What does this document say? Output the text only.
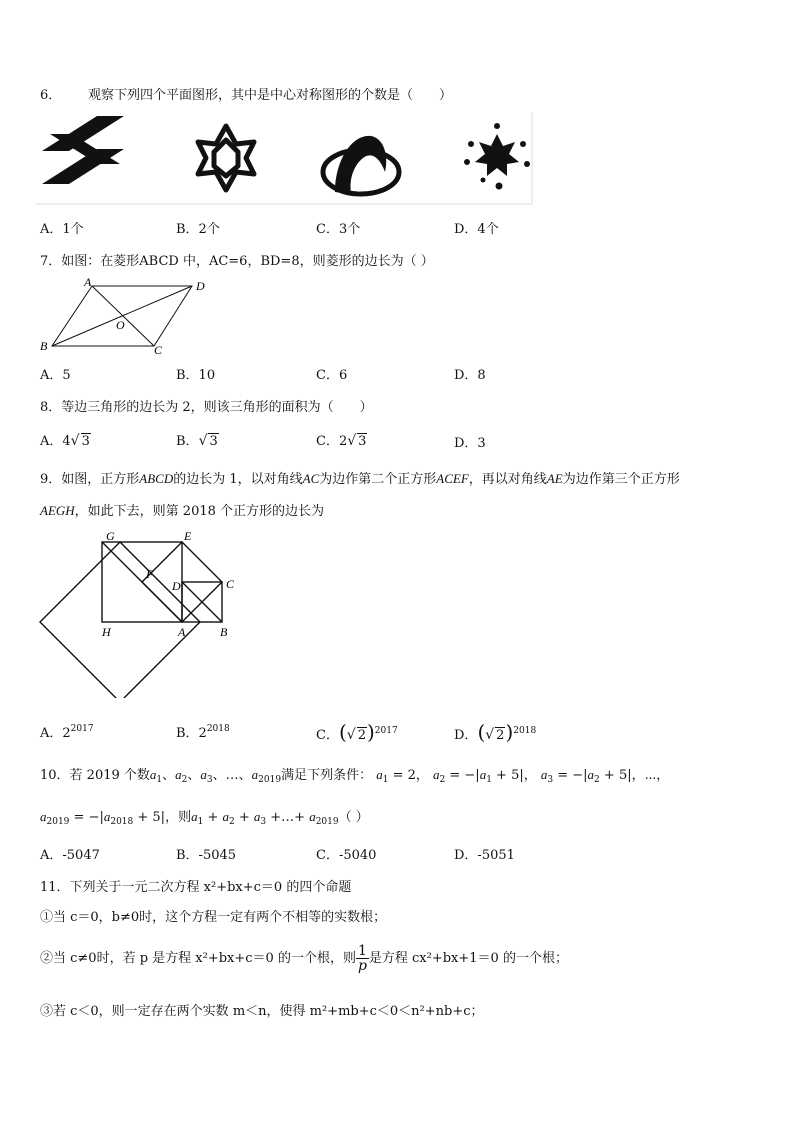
6． 观察下列四个平面图形，其中是中心对称图形的个数是（　　）
A．1个	B．2个	C．3个	D．4个
7．如图：在菱形ABCD 中，AC=6，BD=8，则菱形的边长为（ ）
A	D
B	C
O
A．5	B．10	C．6	D．8
8．等边三角形的边长为 2，则该三角形的面积为（　　）
A．4√ 3	B．√ 3	C．2√ 3	D．3
9．如图，正方形ABCD的边长为 1，以对角线AC为边作第二个正方形ACEF，再以对角线AE为边作第三个正方形
AEGH，如此下去，则第 2018 个正方形的边长为
G	E
F
D	C
H	A	B
A．$2^{2017}$	B．$2^{2018}$	C．(√ 2)$^{2017}$	D．(√ 2)$^{2018}$
10．若 2019 个数$a_1$、$a_2$、$a_3$、…、$a_{2019}$满足下列条件： $a_1 = 2$， $a_2 = -|a_1 + 5|$， $a_3 = -|a_2 + 5|$，⋯，
$a_{2019} = -|a_{2018} + 5|$，则$a_1 + a_2 + a_3$ +…+ $a_{2019}$（ ）
A．-5047	B．-5045	C．-5040	D．-5051
11．下列关于一元二次方程 x²+bx+c＝0 的四个命题
①当 c＝0，b≠0时，这个方程一定有两个不相等的实数根；
②当 c≠0时，若 p 是方程 x²+bx+c＝0 的一个根，则 $\frac{1}{p}$ 是方程 cx²+bx+1＝0 的一个根；
③若 c＜0，则一定存在两个实数 m＜n，使得 m²+mb+c＜0＜n²+nb+c；
